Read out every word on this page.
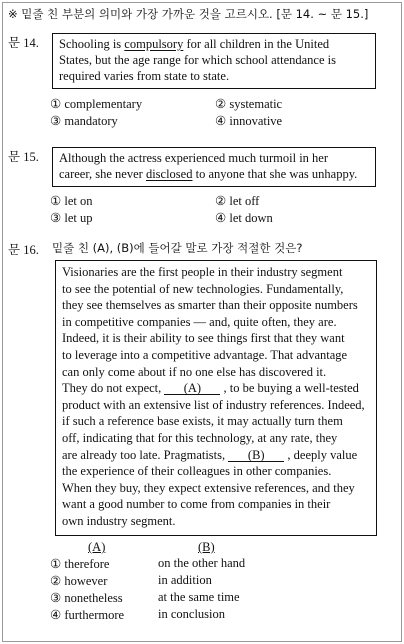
※ 밑줄 친 부분의 의미와 가장 가까운 것을 고르시오. [문 14. ~ 문 15.]
문 14. Schooling is compulsory for all children in the United
States, but the age range for which school attendance is
required varies from state to state.
① complementary	② systematic
③ mandatory	④ innovative
문 15. Although the actress experienced much turmoil in her
career, she never disclosed to anyone that she was unhappy.
① let on	② let off
③ let up	④ let down
문 16. 밑줄 친 (A), (B)에 들어갈 말로 가장 적절한 것은?
Visionaries are the first people in their industry segment
to see the potential of new technologies. Fundamentally,
they see themselves as smarter than their opposite numbers
in competitive companies — and, quite often, they are.
Indeed, it is their ability to see things first that they want
to leverage into a competitive advantage. That advantage
can only come about if no one else has discovered it.
They do not expect, (A) , to be buying a well-tested
product with an extensive list of industry references. Indeed,
if such a reference base exists, it may actually turn them
off, indicating that for this technology, at any rate, they
are already too late. Pragmatists, (B) , deeply value
the experience of their colleagues in other companies.
When they buy, they expect extensive references, and they
want a good number to come from companies in their
own industry segment.
(A)	(B)
① therefore	on the other hand
② however	in addition
③ nonetheless	at the same time
④ furthermore	in conclusion
